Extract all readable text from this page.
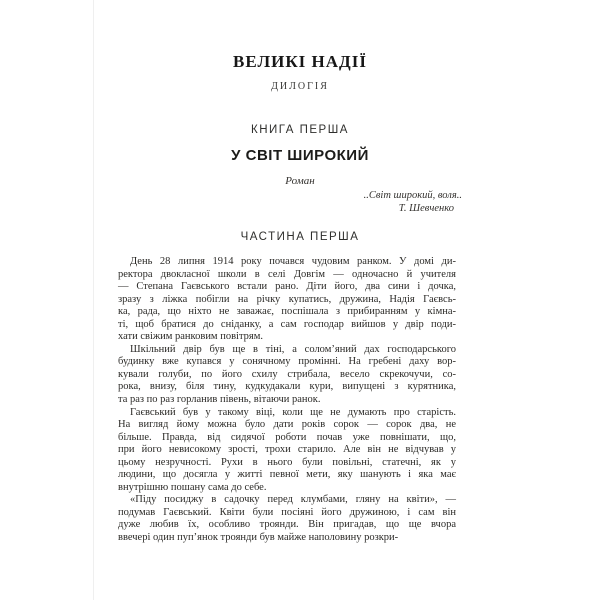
ВЕЛИКІ НАДІЇ
ДИЛОГІЯ
КНИГА ПЕРША
У СВІТ ШИРОКИЙ
Роман
..Світ широкий, воля..
Т. Шевченко
ЧАСТИНА ПЕРША
День 28 липня 1914 року почався чудовим ранком. У домі ди-
ректора двокласної школи в селі Довгім — одночасно й учителя
— Степана Гаєвського встали рано. Діти його, два сини і дочка,
зразу з ліжка побігли на річку купатись, дружина, Надія Гаєвсь-
ка, рада, що ніхто не заважає, поспішала з прибиранням у кімна-
ті, щоб братися до сніданку, а сам господар вийшов у двір поди-
хати свіжим ранковим повітрям.
Шкільний двір був ще в тіні, а солом’яний дах господарського
будинку вже купався у сонячному промінні. На гребені даху вор-
кували голуби, по його схилу стрибала, весело скрекочучи, со-
рока, внизу, біля тину, кудкудакали кури, випущені з курятника,
та раз по раз горланив півень, вітаючи ранок.
Гаєвський був у такому віці, коли ще не думають про старість.
На вигляд йому можна було дати років сорок — сорок два, не
більше. Правда, від сидячої роботи почав уже повнішати, що,
при його невисокому зрості, трохи старило. Але він не відчував у
цьому незручності. Рухи в нього були повільні, статечні, як у
людини, що досягла у житті певної мети, яку шанують і яка має
внутрішню пошану сама до себе.
«Піду посиджу в садочку перед клумбами, гляну на квіти», —
подумав Гаєвський. Квіти були посіяні його дружиною, і сам він
дуже любив їх, особливо троянди. Він пригадав, що ще вчора
ввечері один пуп’янок троянди був майже наполовину розкри-
